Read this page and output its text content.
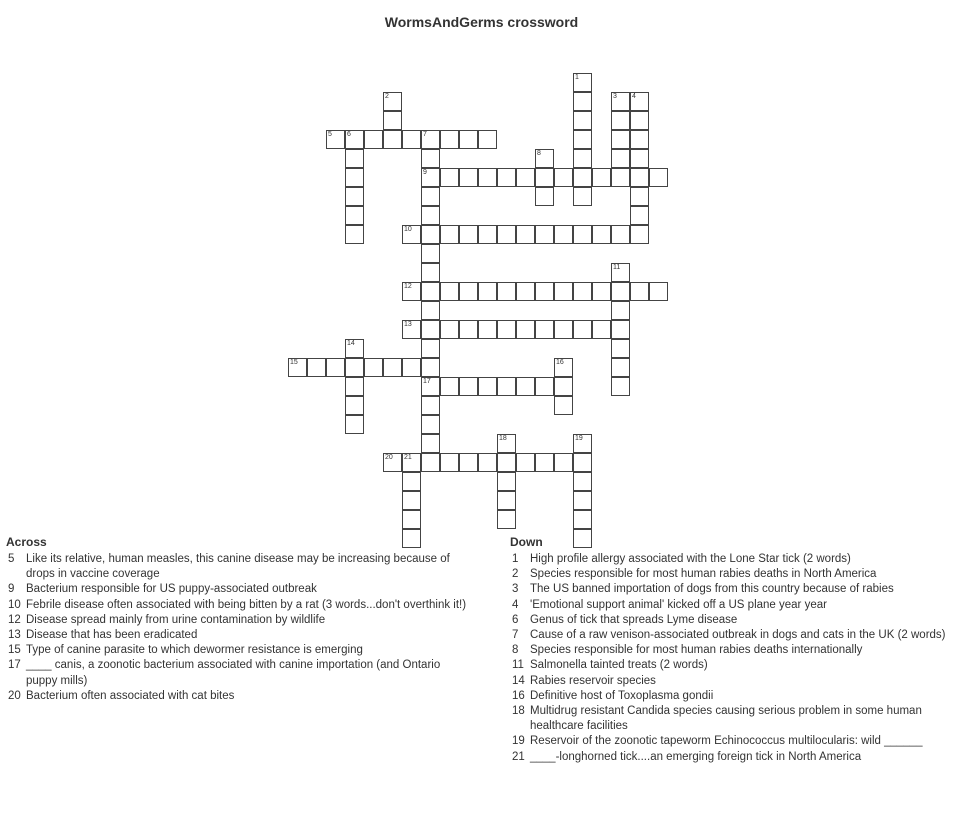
WormsAndGerms crossword
1
2	3 4
5 6	7
9
17
8
10
11
12
13
14
15	16
18	19
20 21
Across
5	Like its relative, human measles, this canine disease may be increasing because of drops in vaccine coverage
9	Bacterium responsible for US puppy-associated outbreak
10 Febrile disease often associated with being bitten by a rat (3 words...don't overthink it!)
12 Disease spread mainly from urine contamination by wildlife
13 Disease that has been eradicated
15 Type of canine parasite to which dewormer resistance is emerging
17 ____ canis, a zoonotic bacterium associated with canine importation (and Ontario puppy mills)
20 Bacterium often associated with cat bites
Down
1	High profile allergy associated with the Lone Star tick (2 words)
2	Species responsible for most human rabies deaths in North America
3	The US banned importation of dogs from this country because of rabies
4	'Emotional support animal' kicked off a US plane year year
6	Genus of tick that spreads Lyme disease
7	Cause of a raw venison-associated outbreak in dogs and cats in the UK (2 words)
8	Species responsible for most human rabies deaths internationally
11 Salmonella tainted treats (2 words)
14 Rabies reservoir species
16 Definitive host of Toxoplasma gondii
18 Multidrug resistant Candida species causing serious problem in some human healthcare facilities
19 Reservoir of the zoonotic tapeworm Echinococcus multilocularis: wild ______
21 ____-longhorned tick....an emerging foreign tick in North America
